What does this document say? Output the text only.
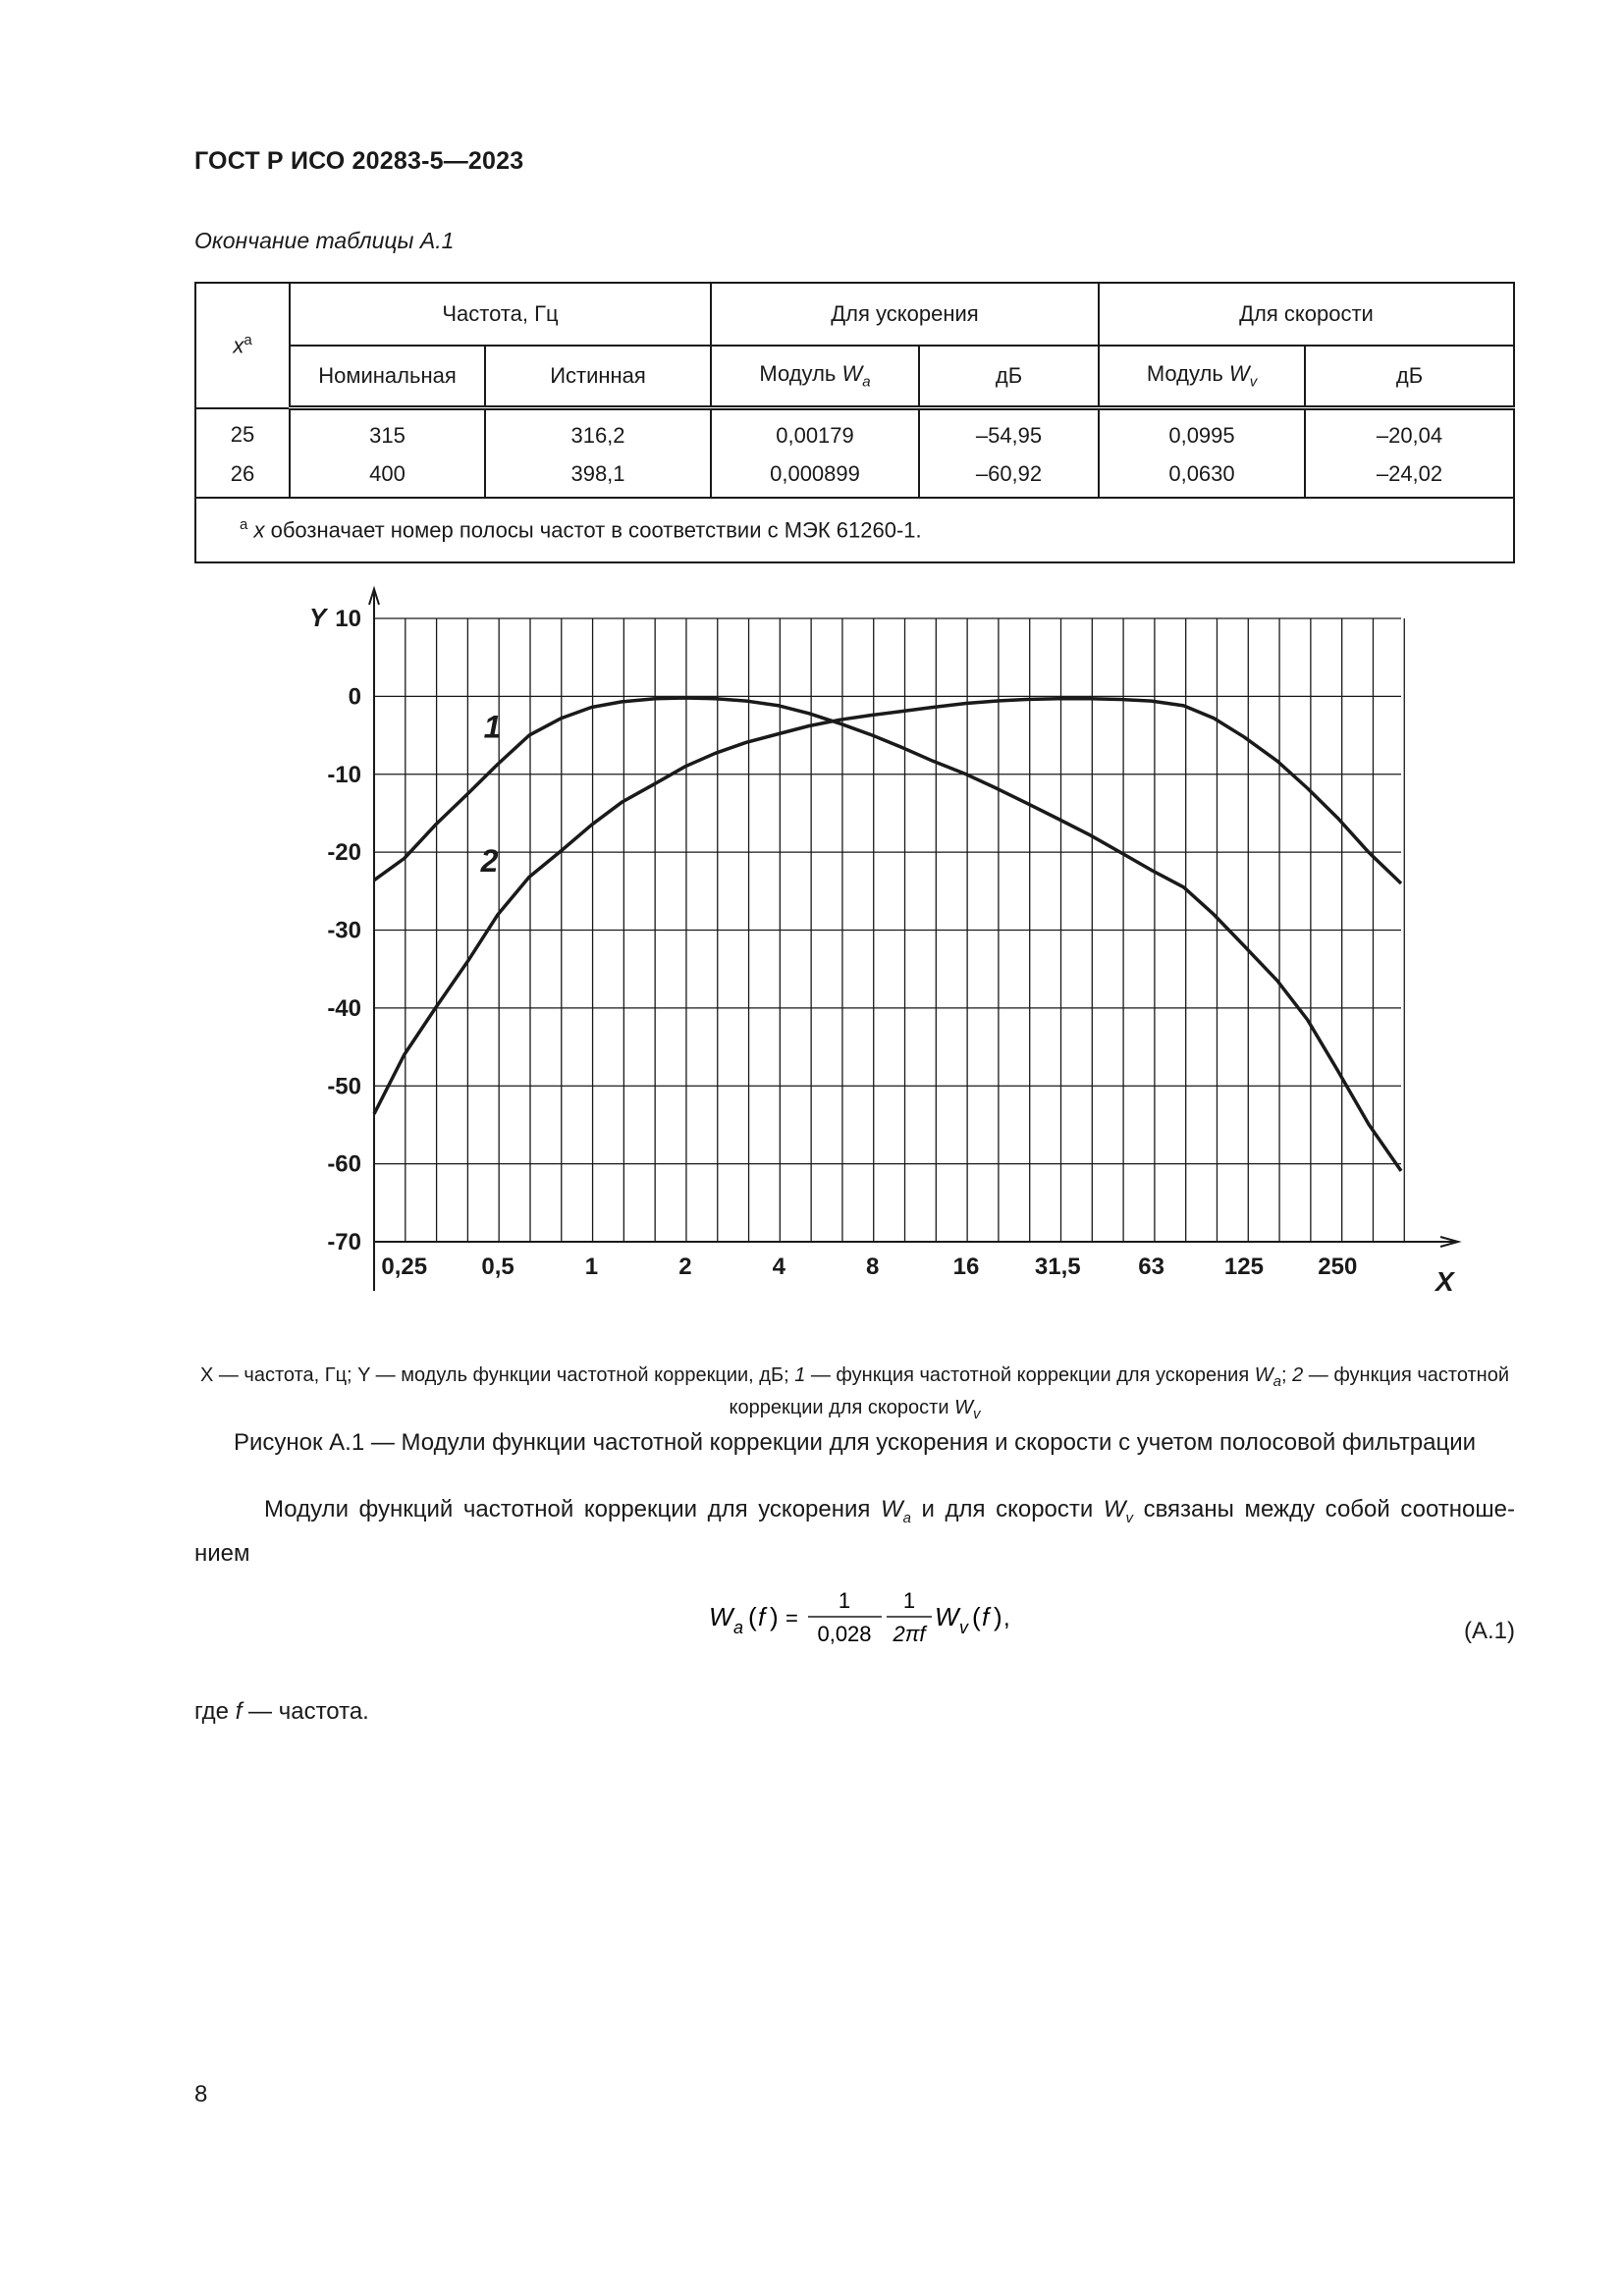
ГОСТ Р ИСО 20283-5—2023
Окончание таблицы А.1
$x^a$	Частота, Гц		Для ускорения		Для скорости	
	Номинальная	Истинная	Модуль $W_a$	дБ	Модуль $W_v$	дБ
25	315	316,2	0,00179	–54,95	0,0995	–20,04
26	400	398,1	0,000899	–60,92	0,0630	–24,02
$^a$ x обозначает номер полосы частот в соответствии с МЭК 61260-1.						
10
0
-10
-20
-30
-40
-50
-60
-70
Y
0,25 0,5	1	2	4	8	16 31,5 63	125 250	X
1
2
X — частота, Гц; Y — модуль функции частотной коррекции, дБ; 1 — функция частотной коррекции для ускорения $W_a$; 2 — функция частотной коррекции для скорости $W_v$
Рисунок А.1 — Модули функции частотной коррекции для ускорения и скорости с учетом полосовой фильтрации
Модули функций частотной коррекции для ускорения $W_a$ и для скорости $W_v$ связаны между собой соотноше-ниeм
W a ( f ) =
1
0,028
1
2πf
W v ( f ) ,	(А.1)
где f — частота.
8
